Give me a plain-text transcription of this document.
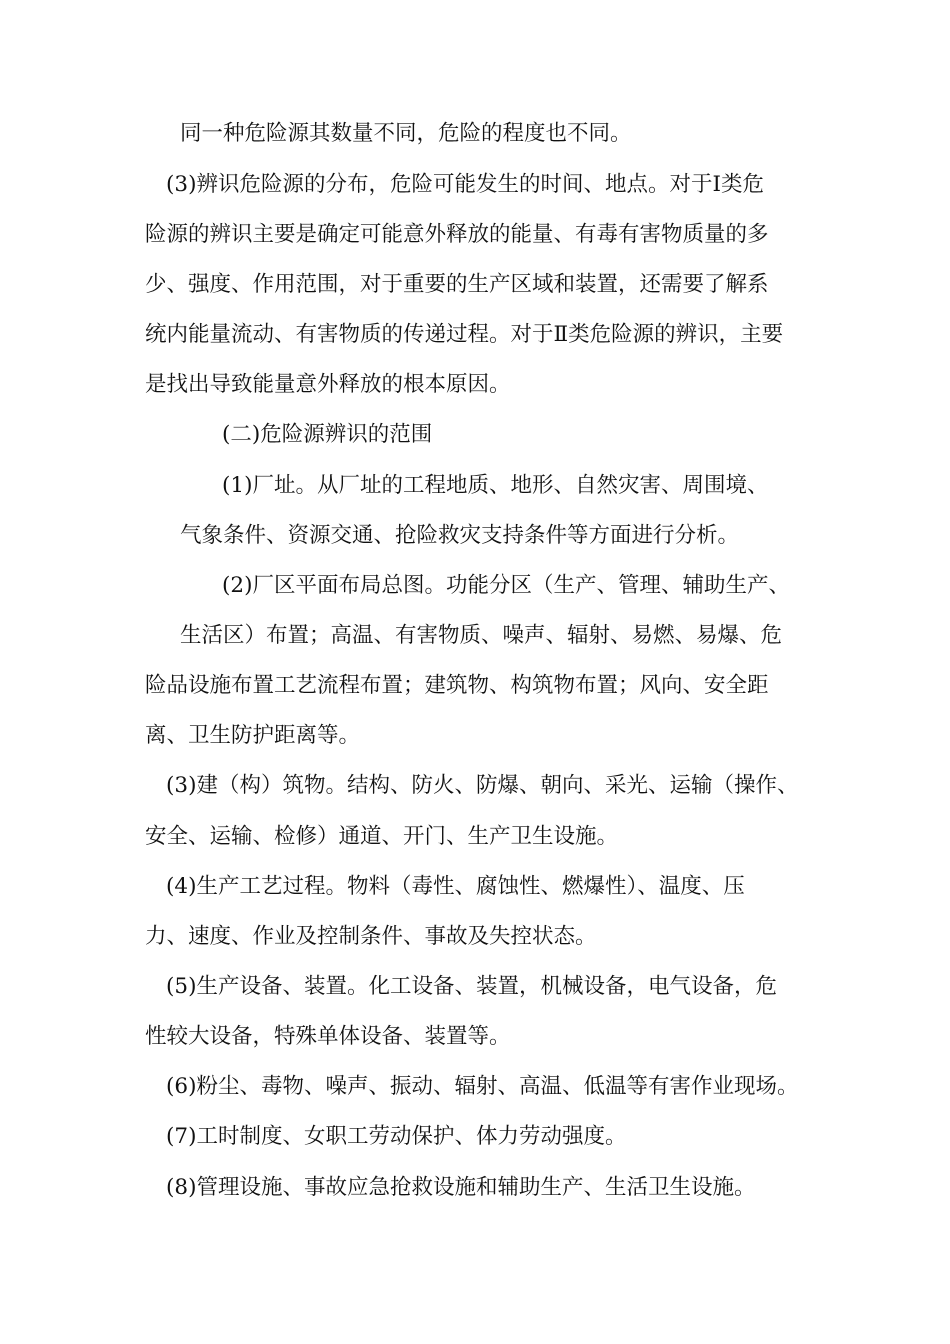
同一种危险源其数量不同，危险的程度也不同。
(3)辨识危险源的分布，危险可能发生的时间、地点。对于Ⅰ类危
险源的辨识主要是确定可能意外释放的能量、有毒有害物质量的多
少、强度、作用范围，对于重要的生产区域和装置，还需要了解系
统内能量流动、有害物质的传递过程。对于Ⅱ类危险源的辨识，主要
是找出导致能量意外释放的根本原因。
(二)危险源辨识的范围
(1)厂址。从厂址的工程地质、地形、自然灾害、周围境、
气象条件、资源交通、抢险救灾支持条件等方面进行分析。
(2)厂区平面布局总图。功能分区（生产、管理、辅助生产、
生活区）布置；高温、有害物质、噪声、辐射、易燃、易爆、危
险品设施布置工艺流程布置；建筑物、构筑物布置；风向、安全距
离、卫生防护距离等。
(3)建（构）筑物。结构、防火、防爆、朝向、采光、运输（操作、
安全、运输、检修）通道、开门、生产卫生设施。
(4)生产工艺过程。物料（毒性、腐蚀性、燃爆性）、温度、压
力、速度、作业及控制条件、事故及失控状态。
(5)生产设备、装置。化工设备、装置，机械设备，电气设备，危
性较大设备，特殊单体设备、装置等。
(6)粉尘、毒物、噪声、振动、辐射、高温、低温等有害作业现场。
(7)工时制度、女职工劳动保护、体力劳动强度。
(8)管理设施、事故应急抢救设施和辅助生产、生活卫生设施。
